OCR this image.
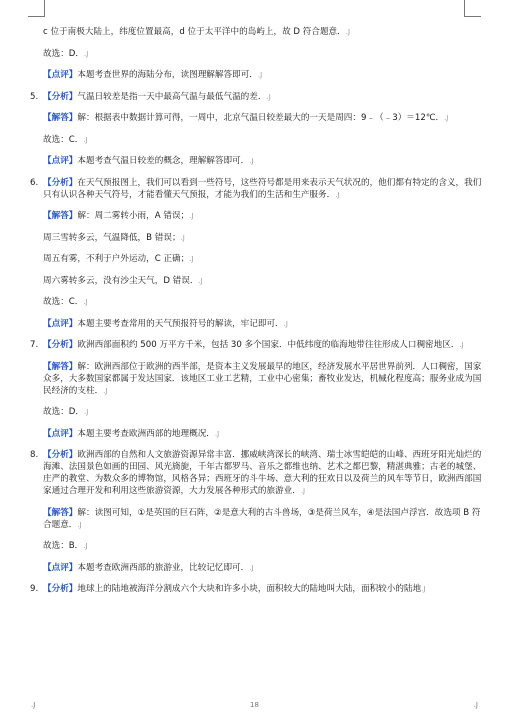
c 位于南极大陆上，纬度位置最高，d 位于太平洋中的岛屿上，故 D 符合题意．.J

故选：D．.J

【点评】本题考查世界的海陆分布，读图理解解答即可．.J

5. 【分析】气温日较差是指一天中最高气温与最低气温的差．.J

【解答】解：根据表中数据计算可得，一周中，北京气温日较差最大的一天是周四：9﹣（﹣3）＝12℃．.J

故选：C．.J

【点评】本题考查气温日较差的概念，理解解答即可．.J

6. 【分析】在天气预报图上，我们可以看到一些符号，这些符号都是用来表示天气状况的，他们都有特定的含义，我们只有认识各种天气符号，才能看懂天气预报，才能为我们的生活和生产服务．.J

【解答】解：周二雾转小雨，A 错误；.J

周三雪转多云，气温降低，B 错误；.J

周五有雾，不利于户外运动，C 正确；.J

周六雾转多云，没有沙尘天气，D 错误．.J

故选：C．.J

【点评】本题主要考查常用的天气预报符号的解读，牢记即可．.J

7. 【分析】欧洲西部面积约 500 万平方千米，包括 30 多个国家．中低纬度的临海地带往往形成人口稠密地区．.J

【解答】解：欧洲西部位于欧洲的西半部，是资本主义发展最早的地区，经济发展水平居世界前列．人口稠密，国家众多，大多数国家都属于发达国家．该地区工业工艺精，工业中心密集；畜牧业发达，机械化程度高；服务业成为国民经济的支柱．.J

故选：D．.J

【点评】本题主要考查欧洲西部的地理概况．.J

8. 【分析】欧洲西部的自然和人文旅游资源异常丰富．挪威峡湾深长的峡湾、瑞士冰雪皑皑的山峰、西班牙阳光灿烂的海滩、法国景色如画的田园、风光旖旎，千年古都罗马、音乐之都维也纳、艺术之都巴黎，精湛典雅；古老的城堡、庄严的教堂、为数众多的博物馆，风格各异；西班牙的斗牛场、意大利的狂欢日以及荷兰的风车等节日，欧洲西部国家通过合理开发和利用这些旅游资源，大力发展各种形式的旅游业．.J

【解答】解：读图可知，①是英国的巨石阵，②是意大利的古斗兽场，③是荷兰风车，④是法国卢浮宫．故选项 B 符合题意．.J

故选：B．.J

【点评】本题考查欧洲西部的旅游业，比较记忆即可．.J

9. 【分析】地球上的陆地被海洋分割成六个大块和许多小块，面积较大的陆地叫大陆，面积较小的陆地.J

.J	18	.J
